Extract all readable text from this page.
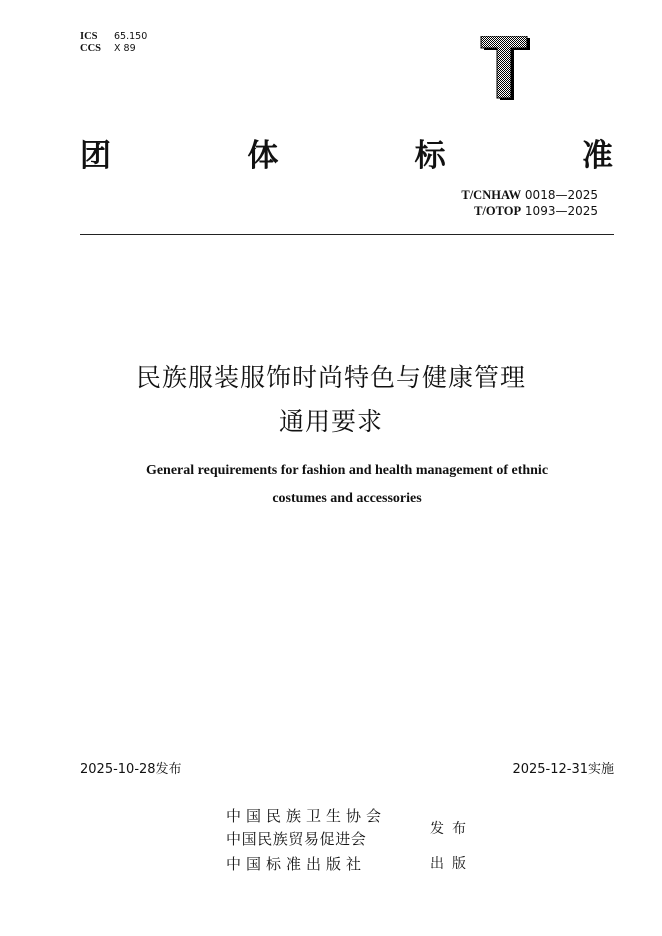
ICS 65.150
CCS X 89
团	体	标	准
T/CNHAW 0018—2025
T/OTOP 1093—2025
民族服装服饰时尚特色与健康管理
通用要求
General requirements for fashion and health management of ethnic
costumes and accessories
2025-10-28发布	2025-12-31实施
中国民族卫生协会
中国民族贸易促进会
中国标准出版社
发布
出版
